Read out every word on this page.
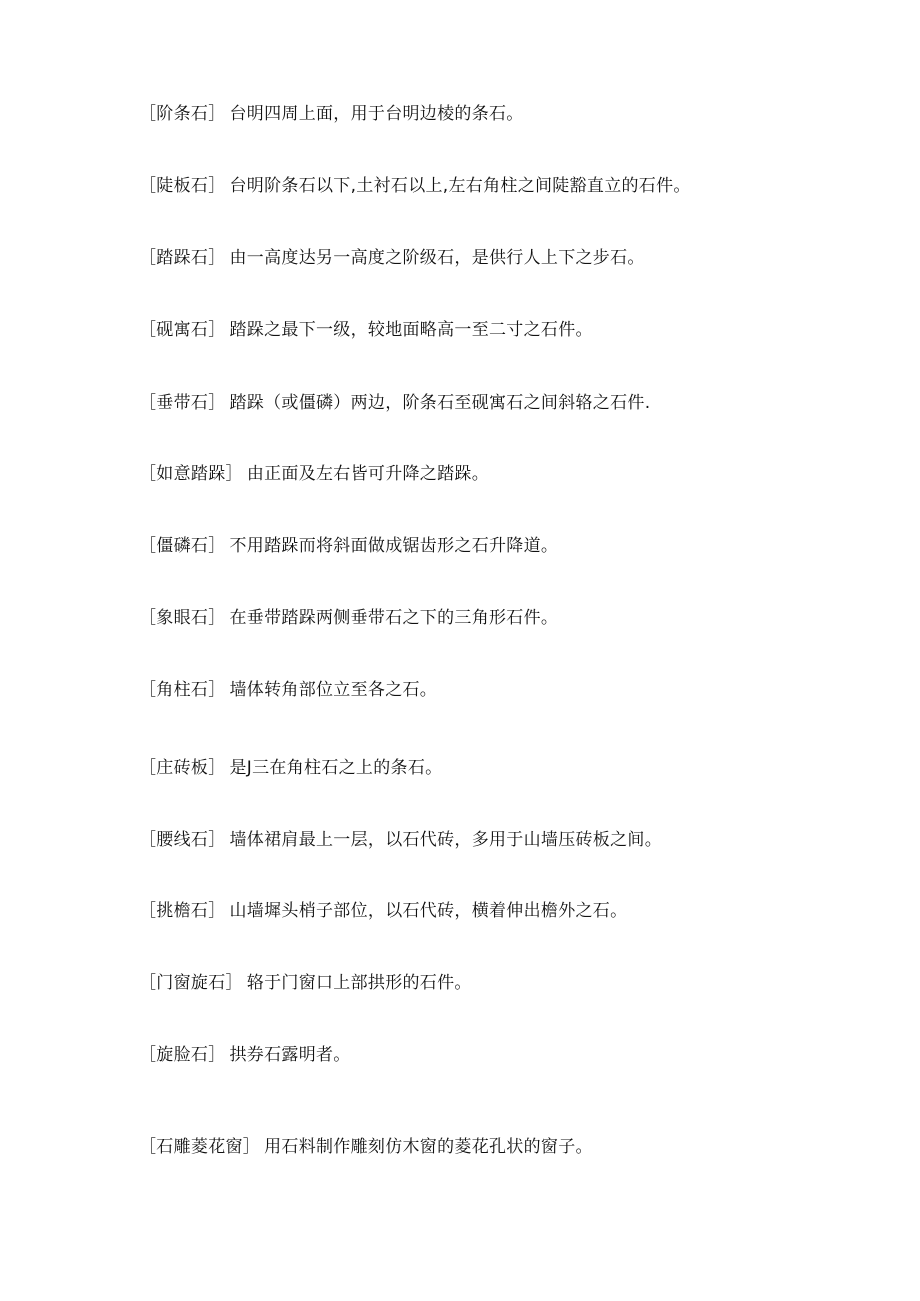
［阶条石］ 台明四周上面，用于台明边棱的条石。

［陡板石］ 台明阶条石以下,土衬石以上,左右角柱之间陡豁直立的石件。

［踏跺石］ 由一高度达另一高度之阶级石，是供行人上下之步石。

［砚寓石］ 踏跺之最下一级，较地面略高一至二寸之石件。

［垂带石］ 踏跺（或僵磷）两边，阶条石至砚寓石之间斜辂之石件.

［如意踏跺］ 由正面及左右皆可升降之踏跺。

［僵磷石］ 不用踏跺而将斜面做成锯齿形之石升降道。

［象眼石］ 在垂带踏跺两侧垂带石之下的三角形石件。

［角柱石］ 墙体转角部位立至各之石。

［庄砖板］ 是J三在角柱石之上的条石。

［腰线石］ 墙体裙肩最上一层，以石代砖，多用于山墙压砖板之间。

［挑檐石］ 山墙墀头梢子部位，以石代砖，横着伸出檐外之石。

［门窗旋石］ 辂于门窗口上部拱形的石件。

［旋脸石］ 拱券石露明者。

［石雕菱花窗］ 用石料制作雕刻仿木窗的菱花孔状的窗子。
